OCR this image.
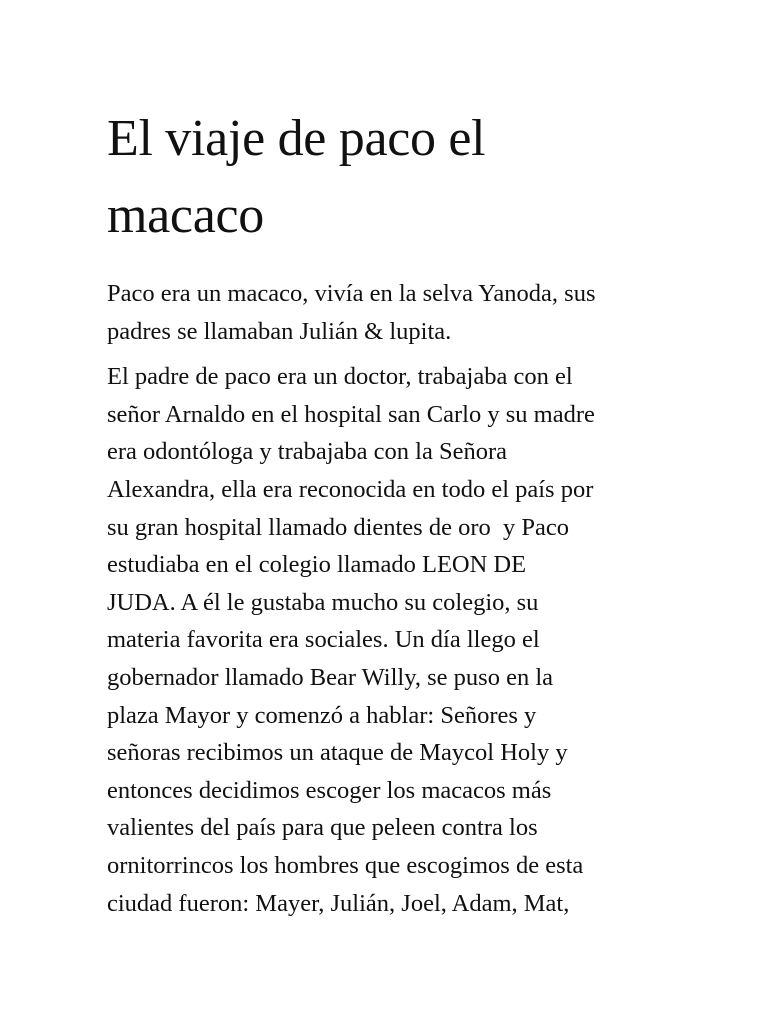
El viaje de paco el
macaco

Paco era un macaco, vivía en la selva Yanoda, sus
padres se llamaban Julián & lupita.

El padre de paco era un doctor, trabajaba con el
señor Arnaldo en el hospital san Carlo y su madre
era odontóloga y trabajaba con la Señora
Alexandra, ella era reconocida en todo el país por
su gran hospital llamado dientes de oro  y Paco
estudiaba en el colegio llamado LEON DE
JUDA. A él le gustaba mucho su colegio, su
materia favorita era sociales. Un día llego el
gobernador llamado Bear Willy, se puso en la
plaza Mayor y comenzó a hablar: Señores y
señoras recibimos un ataque de Maycol Holy y
entonces decidimos escoger los macacos más
valientes del país para que peleen contra los
ornitorrincos los hombres que escogimos de esta
ciudad fueron: Mayer, Julián, Joel, Adam, Mat,
